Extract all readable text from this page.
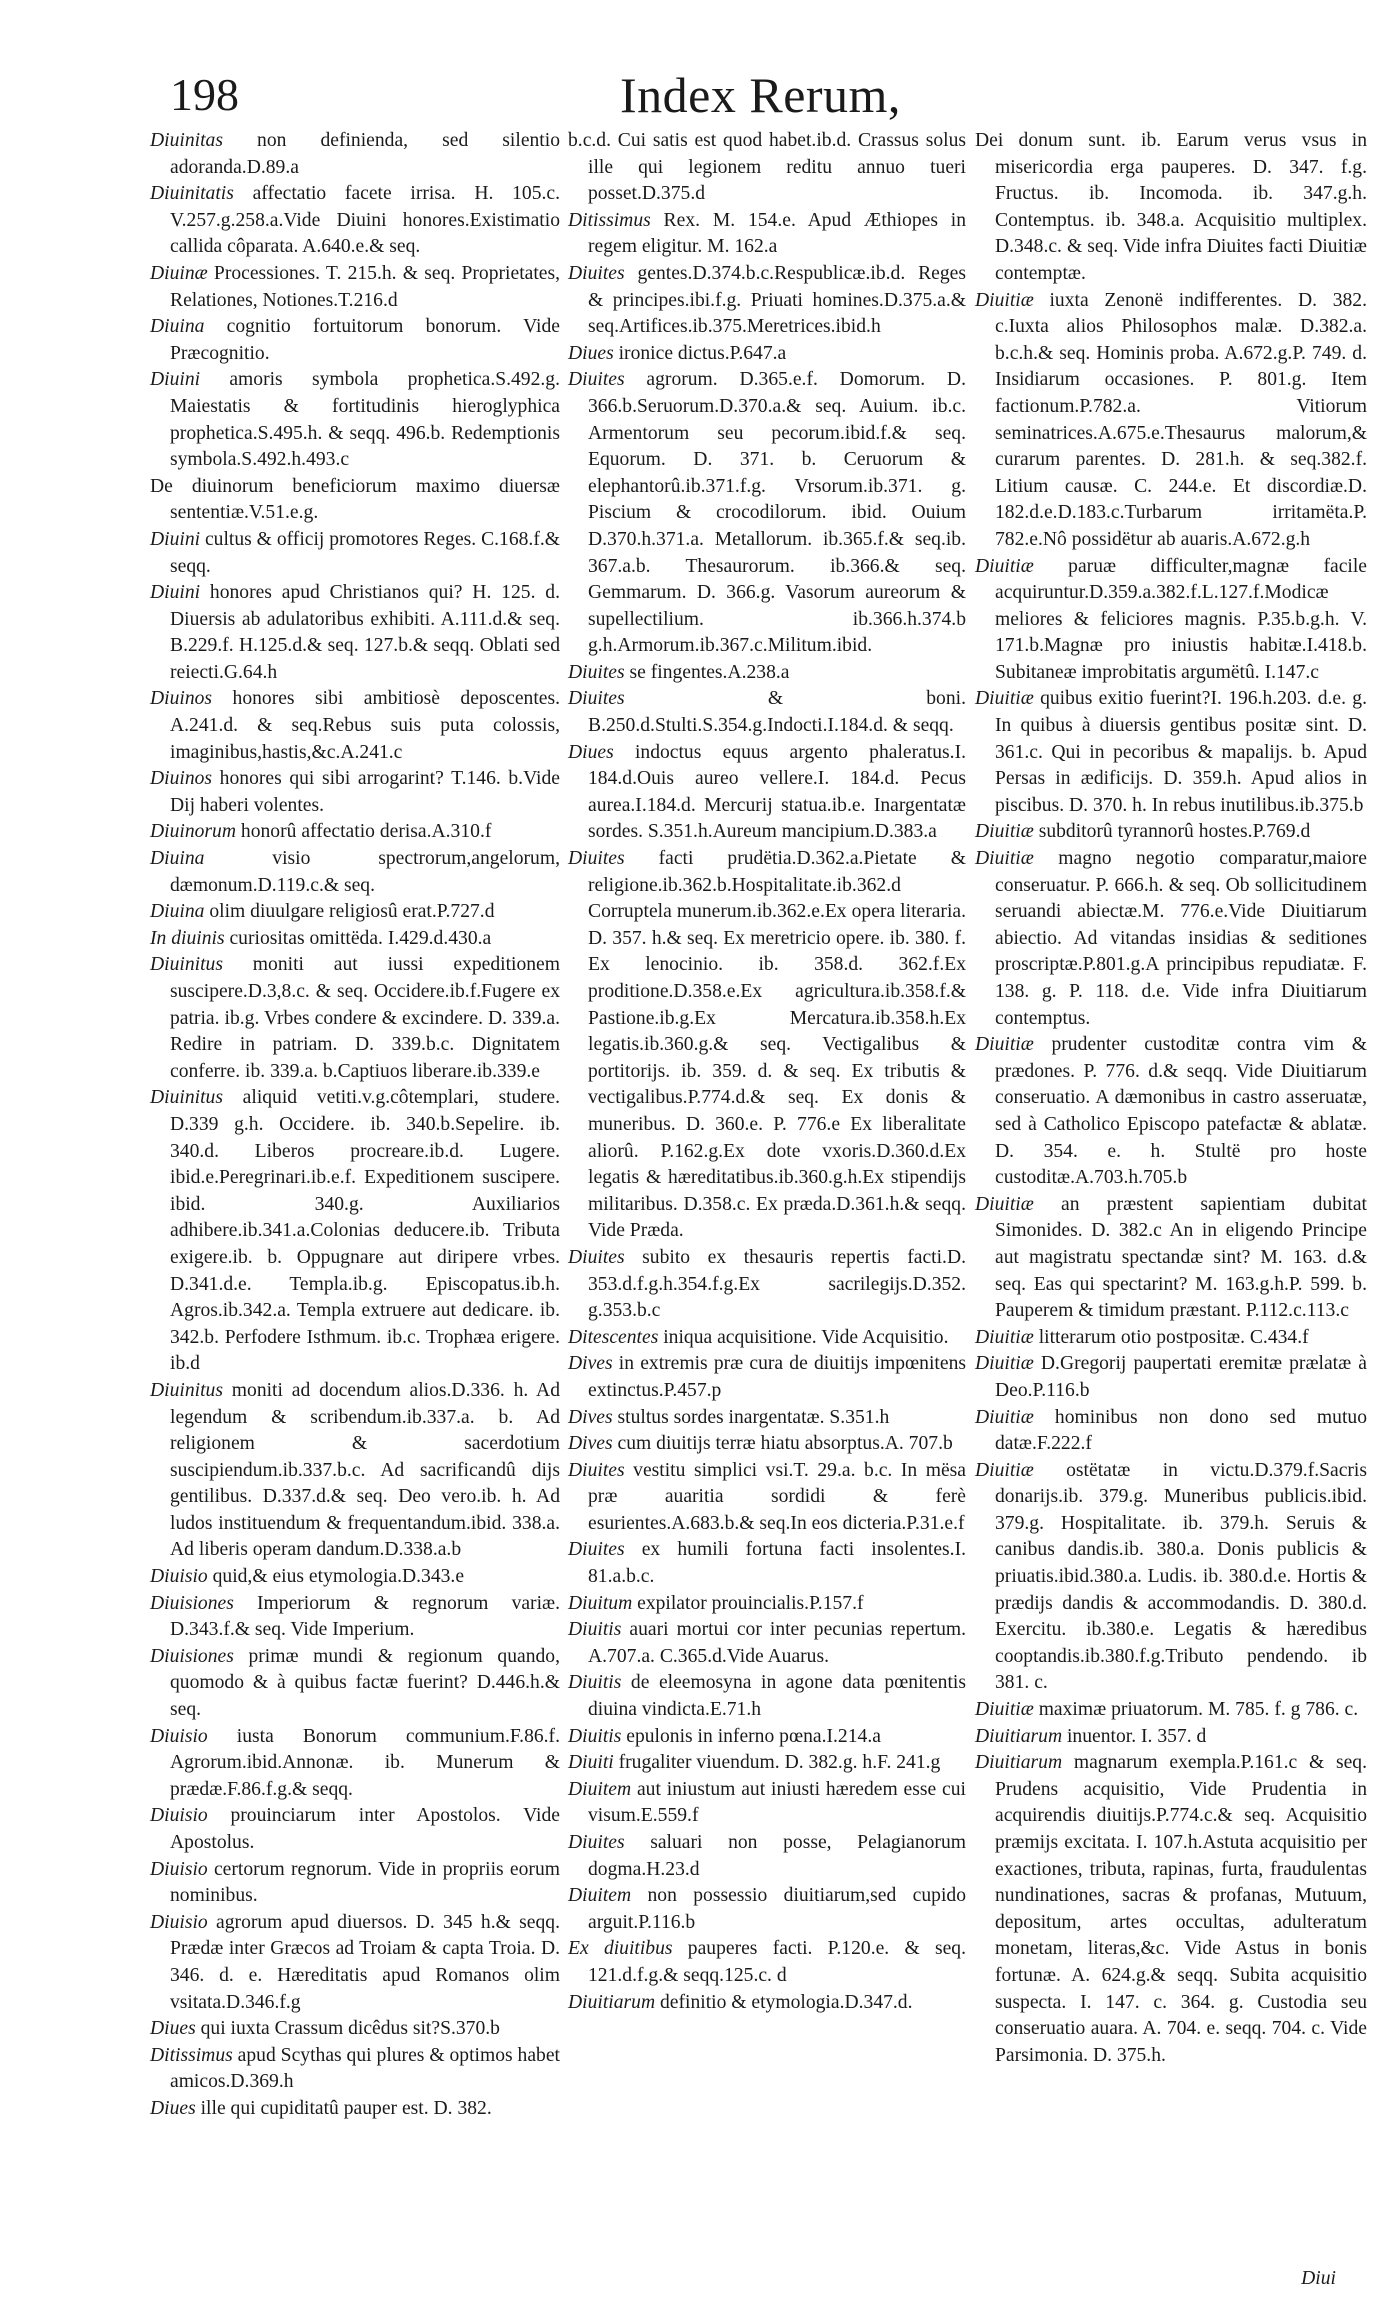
198	Index Rerum,

Diuinitas non definienda, sed silentio adoranda.D.89.a

Diuinitatis affectatio facete irrisa. H. 105.c. V.257.g.258.a.Vide Diuini honores.Existimatio callida côparata. A.640.e.& seq.

Diuinæ Processiones. T. 215.h. & seq. Proprietates, Relationes, Notiones.T.216.d

Diuina cognitio fortuitorum bonorum. Vide Præcognitio.

Diuini amoris symbola prophetica.S.492.g. Maiestatis & fortitudinis hieroglyphica prophetica.S.495.h. & seqq. 496.b. Redemptionis symbola.S.492.h.493.c

De diuinorum beneficiorum maximo diuersæ sententiæ.V.51.e.g.

Diuini cultus & officij promotores Reges. C.168.f.& seqq.

Diuini honores apud Christianos qui? H. 125. d. Diuersis ab adulatoribus exhibiti. A.111.d.& seq. B.229.f. H.125.d.& seq. 127.b.& seqq. Oblati sed reiecti.G.64.h

Diuinos honores sibi ambitiosè deposcentes. A.241.d. & seq.Rebus suis puta colossis, imaginibus,hastis,&c.A.241.c

Diuinos honores qui sibi arrogarint? T.146. b.Vide Dij haberi volentes.

Diuinorum honorû affectatio derisa.A.310.f

Diuina visio spectrorum,angelorum, dæmonum.D.119.c.& seq.

Diuina olim diuulgare religiosû erat.P.727.d

In diuinis curiositas omittëda. I.429.d.430.a

Diuinitus moniti aut iussi expeditionem suscipere.D.3,8.c. & seq. Occidere.ib.f.Fugere ex patria. ib.g. Vrbes condere & excindere. D. 339.a. Redire in patriam. D. 339.b.c. Dignitatem conferre. ib. 339.a. b.Captiuos liberare.ib.339.e

Diuinitus aliquid vetiti.v.g.côtemplari, studere. D.339 g.h. Occidere. ib. 340.b.Sepelire. ib. 340.d. Liberos procreare.ib.d. Lugere. ibid.e.Peregrinari.ib.e.f. Expeditionem suscipere. ibid. 340.g. Auxiliarios adhibere.ib.341.a.Colonias deducere.ib. Tributa exigere.ib. b. Oppugnare aut diripere vrbes. D.341.d.e. Templa.ib.g. Episcopatus.ib.h. Agros.ib.342.a. Templa extruere aut dedicare. ib. 342.b. Perfodere Isthmum. ib.c. Trophæa erigere. ib.d

Diuinitus moniti ad docendum alios.D.336. h. Ad legendum & scribendum.ib.337.a. b. Ad religionem & sacerdotium suscipiendum.ib.337.b.c. Ad sacrificandû dijs gentilibus. D.337.d.& seq. Deo vero.ib. h. Ad ludos instituendum & frequentandum.ibid. 338.a. Ad liberis operam dandum.D.338.a.b

Diuisio quid,& eius etymologia.D.343.e

Diuisiones Imperiorum & regnorum variæ. D.343.f.& seq. Vide Imperium.

Diuisiones primæ mundi & regionum quando, quomodo & à quibus factæ fuerint? D.446.h.& seq.

Diuisio iusta Bonorum communium.F.86.f. Agrorum.ibid.Annonæ. ib. Munerum & prædæ.F.86.f.g.& seqq.

Diuisio prouinciarum inter Apostolos. Vide Apostolus.

Diuisio certorum regnorum. Vide in propriis eorum nominibus.

Diuisio agrorum apud diuersos. D. 345 h.& seqq. Prædæ inter Græcos ad Troiam & capta Troia. D. 346. d. e. Hæreditatis apud Romanos olim vsitata.D.346.f.g

Diues qui iuxta Crassum dicêdus sit?S.370.b

Ditissimus apud Scythas qui plures & optimos habet amicos.D.369.h

Diues ille qui cupiditatû pauper est. D. 382.

b.c.d. Cui satis est quod habet.ib.d. Crassus solus ille qui legionem reditu annuo tueri posset.D.375.d

Ditissimus Rex. M. 154.e. Apud Æthiopes in regem eligitur. M. 162.a

Diuites gentes.D.374.b.c.Respublicæ.ib.d. Reges & principes.ibi.f.g. Priuati homines.D.375.a.& seq.Artifices.ib.375.Meretrices.ibid.h

Diues ironice dictus.P.647.a

Diuites agrorum. D.365.e.f. Domorum. D. 366.b.Seruorum.D.370.a.& seq. Auium. ib.c. Armentorum seu pecorum.ibid.f.& seq. Equorum. D. 371. b. Ceruorum & elephantorû.ib.371.f.g. Vrsorum.ib.371. g. Piscium & crocodilorum. ibid. Ouium D.370.h.371.a. Metallorum. ib.365.f.& seq.ib. 367.a.b. Thesaurorum. ib.366.& seq. Gemmarum. D. 366.g. Vasorum aureorum & supellectilium. ib.366.h.374.b g.h.Armorum.ib.367.c.Militum.ibid.

Diuites se fingentes.A.238.a

Diuites & boni. B.250.d.Stulti.S.354.g.Indocti.I.184.d. & seqq.

Diues indoctus equus argento phaleratus.I. 184.d.Ouis aureo vellere.I. 184.d. Pecus aurea.I.184.d. Mercurij statua.ib.e. Inargentatæ sordes. S.351.h.Aureum mancipium.D.383.a

Diuites facti prudëtia.D.362.a.Pietate & religione.ib.362.b.Hospitalitate.ib.362.d Corruptela munerum.ib.362.e.Ex opera literaria. D. 357. h.& seq. Ex meretricio opere. ib. 380. f. Ex lenocinio. ib. 358.d. 362.f.Ex proditione.D.358.e.Ex agricultura.ib.358.f.& Pastione.ib.g.Ex Mercatura.ib.358.h.Ex legatis.ib.360.g.& seq. Vectigalibus & portitorijs. ib. 359. d. & seq. Ex tributis & vectigalibus.P.774.d.& seq. Ex donis & muneribus. D. 360.e. P. 776.e Ex liberalitate aliorû. P.162.g.Ex dote vxoris.D.360.d.Ex legatis & hæreditatibus.ib.360.g.h.Ex stipendijs militaribus. D.358.c. Ex præda.D.361.h.& seqq. Vide Præda.

Diuites subito ex thesauris repertis facti.D. 353.d.f.g.h.354.f.g.Ex sacrilegijs.D.352. g.353.b.c

Ditescentes iniqua acquisitione. Vide Acquisitio.

Dives in extremis præ cura de diuitijs impœnitens extinctus.P.457.p

Dives stultus sordes inargentatæ. S.351.h

Dives cum diuitijs terræ hiatu absorptus.A. 707.b

Diuites vestitu simplici vsi.T. 29.a. b.c. In mësa præ auaritia sordidi & ferè esurientes.A.683.b.& seq.In eos dicteria.P.31.e.f

Diuites ex humili fortuna facti insolentes.I. 81.a.b.c.

Diuitum expilator prouincialis.P.157.f

Diuitis auari mortui cor inter pecunias repertum. A.707.a. C.365.d.Vide Auarus.

Diuitis de eleemosyna in agone data pœnitentis diuina vindicta.E.71.h

Diuitis epulonis in inferno pœna.I.214.a

Diuiti frugaliter viuendum. D. 382.g. h.F. 241.g

Diuitem aut iniustum aut iniusti hæredem esse cui visum.E.559.f

Diuites saluari non posse, Pelagianorum dogma.H.23.d

Diuitem non possessio diuitiarum,sed cupido arguit.P.116.b

Ex diuitibus pauperes facti. P.120.e. & seq. 121.d.f.g.& seqq.125.c. d

Diuitiarum definitio & etymologia.D.347.d.

Dei donum sunt. ib. Earum verus vsus in misericordia erga pauperes. D. 347. f.g. Fructus. ib. Incomoda. ib. 347.g.h. Contemptus. ib. 348.a. Acquisitio multiplex. D.348.c. & seq. Vide infra Diuites facti Diuitiæ contemptæ.

Diuitiæ iuxta Zenonë indifferentes. D. 382. c.Iuxta alios Philosophos malæ. D.382.a. b.c.h.& seq. Hominis proba. A.672.g.P. 749. d. Insidiarum occasiones. P. 801.g. Item factionum.P.782.a. Vitiorum seminatrices.A.675.e.Thesaurus malorum,& curarum parentes. D. 281.h. & seq.382.f. Litium causæ. C. 244.e. Et discordiæ.D. 182.d.e.D.183.c.Turbarum irritamëta.P. 782.e.Nô possidëtur ab auaris.A.672.g.h

Diuitiæ paruæ difficulter,magnæ facile acquiruntur.D.359.a.382.f.L.127.f.Modicæ meliores & feliciores magnis. P.35.b.g.h. V. 171.b.Magnæ pro iniustis habitæ.I.418.b. Subitaneæ improbitatis argumëtû. I.147.c

Diuitiæ quibus exitio fuerint?I. 196.h.203. d.e. g. In quibus à diuersis gentibus positæ sint. D. 361.c. Qui in pecoribus & mapalijs. b. Apud Persas in ædificijs. D. 359.h. Apud alios in piscibus. D. 370. h. In rebus inutilibus.ib.375.b

Diuitiæ subditorû tyrannorû hostes.P.769.d

Diuitiæ magno negotio comparatur,maiore conseruatur. P. 666.h. & seq. Ob sollicitudinem seruandi abiectæ.M. 776.e.Vide Diuitiarum abiectio. Ad vitandas insidias & seditiones proscriptæ.P.801.g.A principibus repudiatæ. F. 138. g. P. 118. d.e. Vide infra Diuitiarum contemptus.

Diuitiæ prudenter custoditæ contra vim & prædones. P. 776. d.& seqq. Vide Diuitiarum conseruatio. A dæmonibus in castro asseruatæ, sed à Catholico Episcopo patefactæ & ablatæ. D. 354. e. h. Stultë pro hoste custoditæ.A.703.h.705.b

Diuitiæ an præstent sapientiam dubitat Simonides. D. 382.c An in eligendo Principe aut magistratu spectandæ sint? M. 163. d.& seq. Eas qui spectarint? M. 163.g.h.P. 599. b. Pauperem & timidum præstant. P.112.c.113.c

Diuitiæ litterarum otio postpositæ. C.434.f

Diuitiæ D.Gregorij paupertati eremitæ prælatæ à Deo.P.116.b

Diuitiæ hominibus non dono sed mutuo datæ.F.222.f

Diuitiæ ostëtatæ in victu.D.379.f.Sacris donarijs.ib. 379.g. Muneribus publicis.ibid. 379.g. Hospitalitate. ib. 379.h. Seruis & canibus dandis.ib. 380.a. Donis publicis & priuatis.ibid.380.a. Ludis. ib. 380.d.e. Hortis & prædijs dandis & accommodandis. D. 380.d. Exercitu. ib.380.e. Legatis & hæredibus cooptandis.ib.380.f.g.Tributo pendendo. ib 381. c.

Diuitiæ maximæ priuatorum. M. 785. f. g 786. c.

Diuitiarum inuentor. I. 357. d

Diuitiarum magnarum exempla.P.161.c & seq. Prudens acquisitio, Vide Prudentia in acquirendis diuitijs.P.774.c.& seq. Acquisitio præmijs excitata. I. 107.h.Astuta acquisitio per exactiones, tributa, rapinas, furta, fraudulentas nundinationes, sacras & profanas, Mutuum, depositum, artes occultas, adulteratum monetam, literas,&c. Vide Astus in bonis fortunæ. A. 624.g.& seqq. Subita acquisitio suspecta. I. 147. c. 364. g. Custodia seu conseruatio auara. A. 704. e. seqq. 704. c. Vide Parsimonia. D. 375.h.

Diui
